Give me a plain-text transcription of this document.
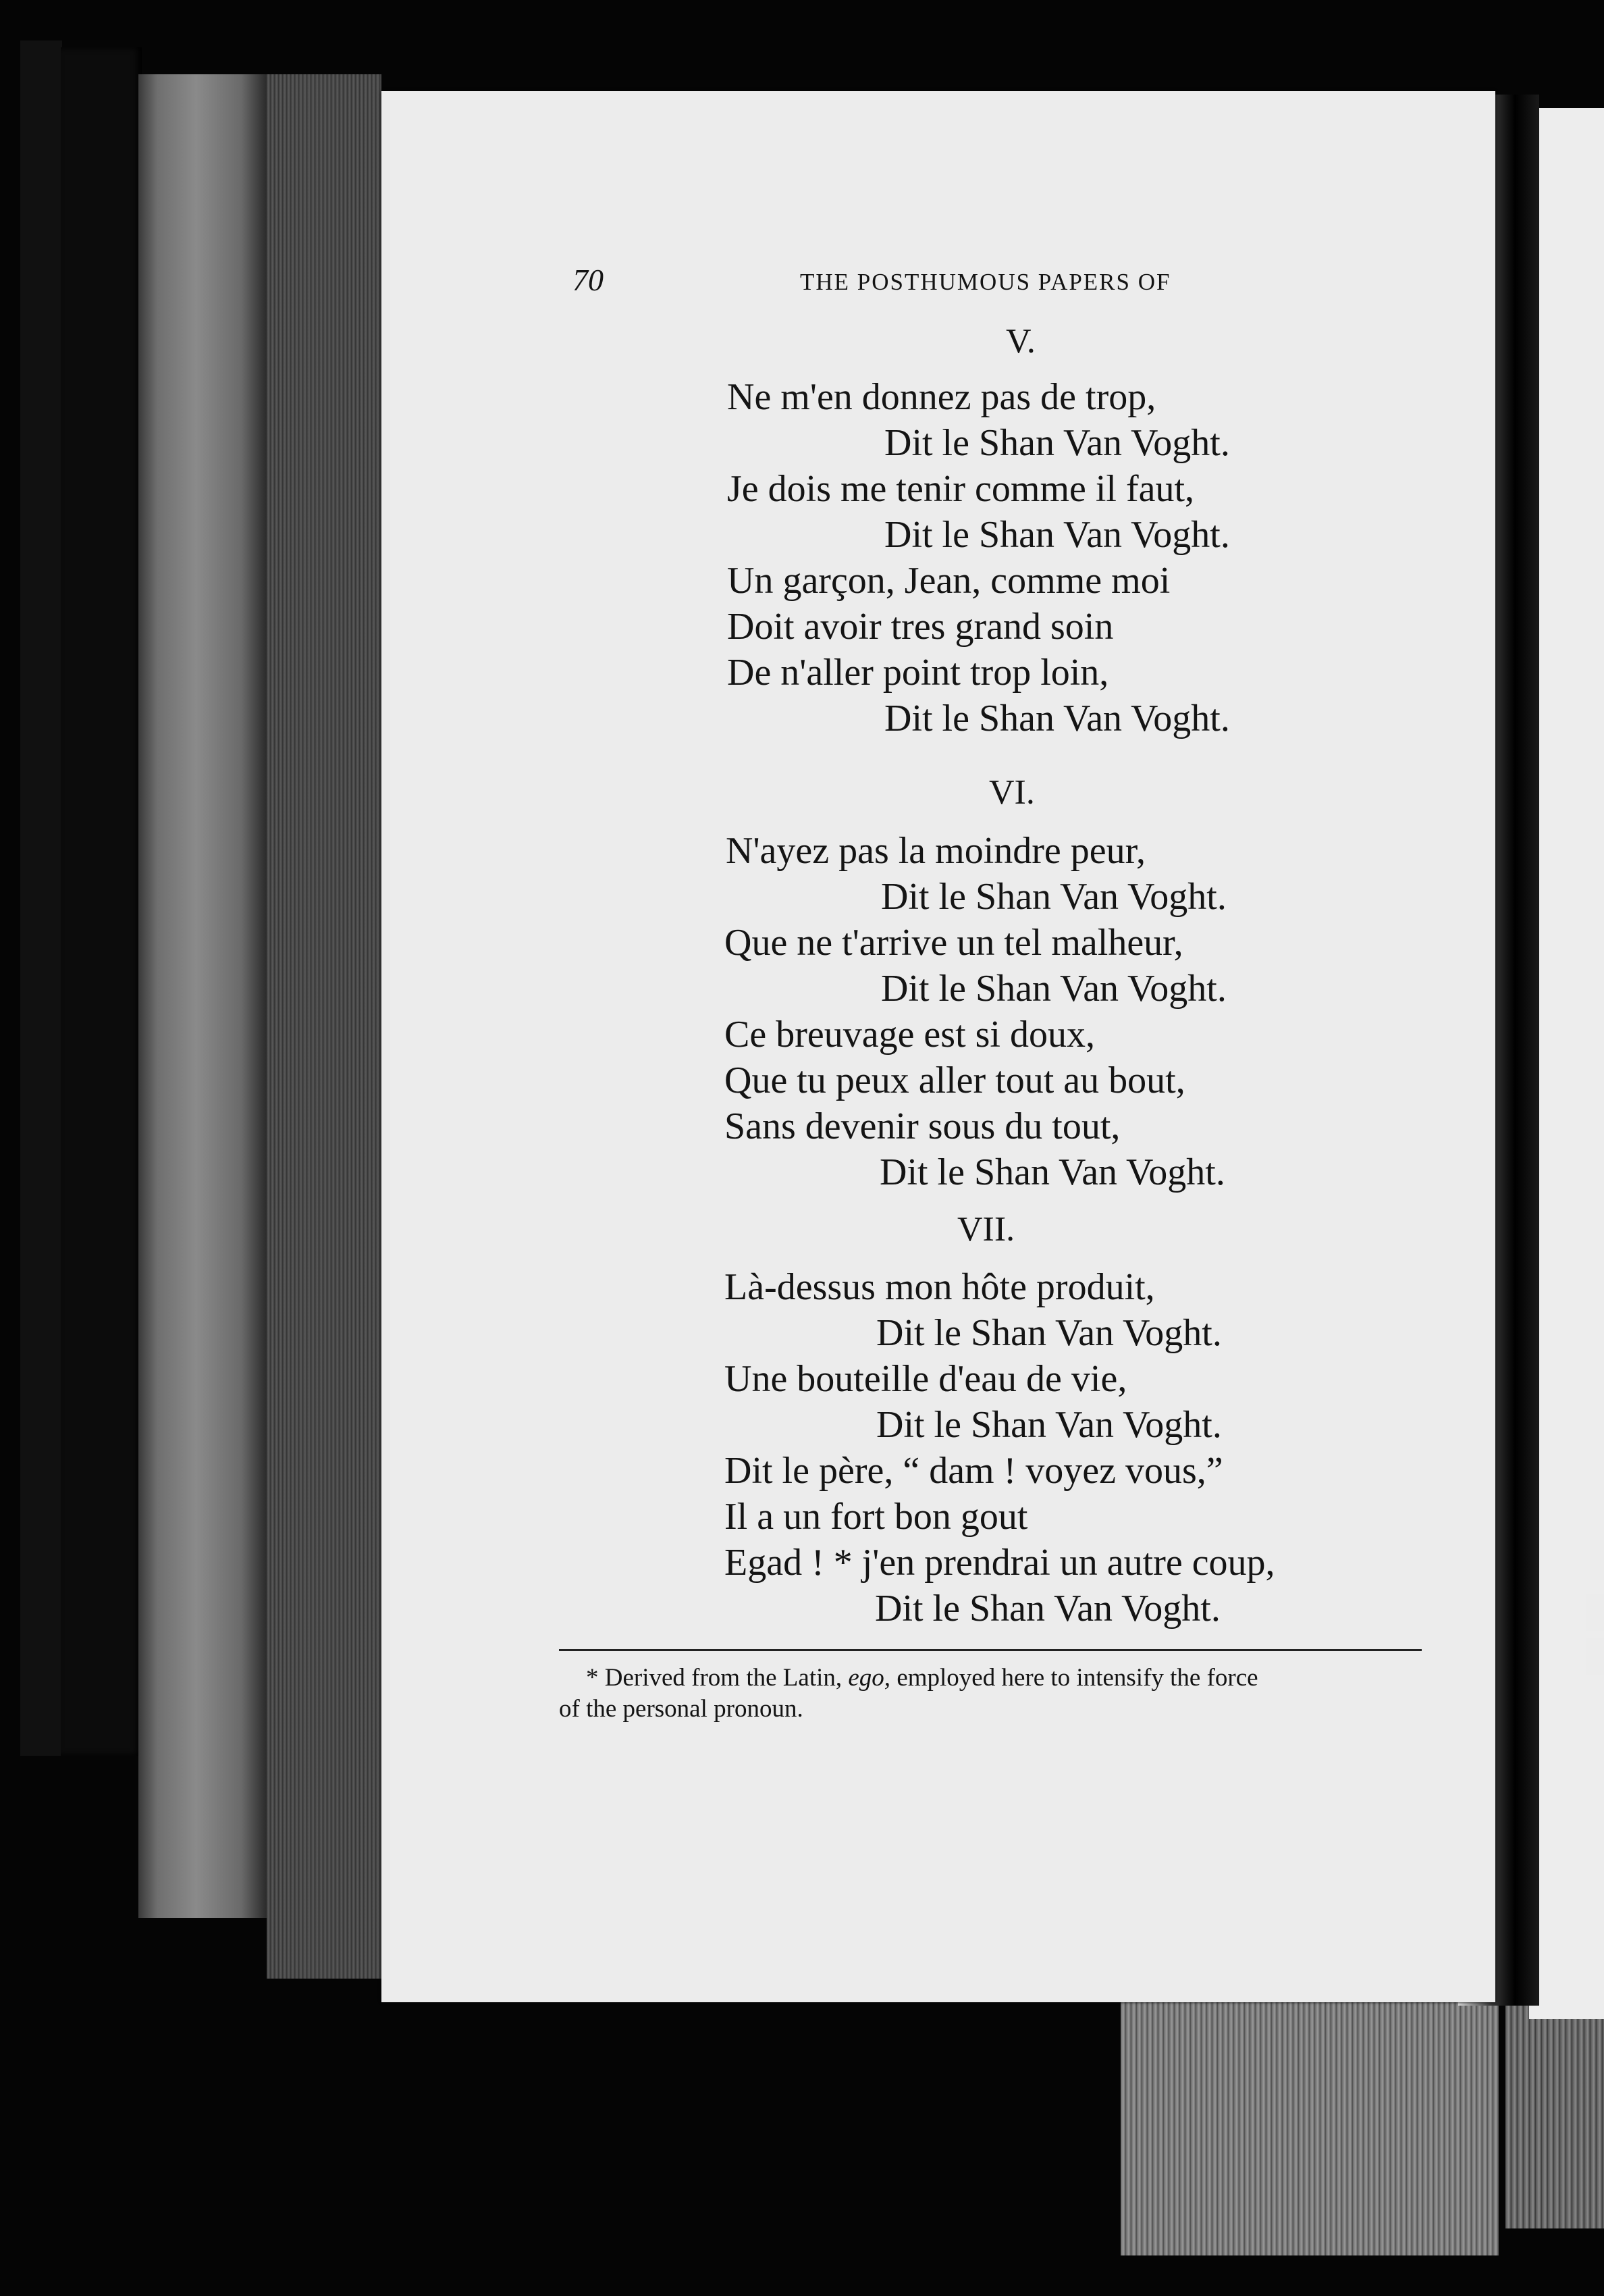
70	THE POSTHUMOUS PAPERS OF
V.
Ne m'en donnez pas de trop,
Dit le Shan Van Voght.
Je dois me tenir comme il faut,
Dit le Shan Van Voght.
Un garçon, Jean, comme moi
Doit avoir tres grand soin
De n'aller point trop loin,
Dit le Shan Van Voght.
VI.
N'ayez pas la moindre peur,
Dit le Shan Van Voght.
Que ne t'arrive un tel malheur,
Dit le Shan Van Voght.
Ce breuvage est si doux,
Que tu peux aller tout au bout,
Sans devenir sous du tout,
Dit le Shan Van Voght.
VII.
Là-dessus mon hôte produit,
Dit le Shan Van Voght.
Une bouteille d'eau de vie,
Dit le Shan Van Voght.
Dit le père, “ dam ! voyez vous,”
Il a un fort bon gout
Egad ! * j'en prendrai un autre coup,
Dit le Shan Van Voght.
* Derived from the Latin, ego, employed here to intensify the force
of the personal pronoun.
